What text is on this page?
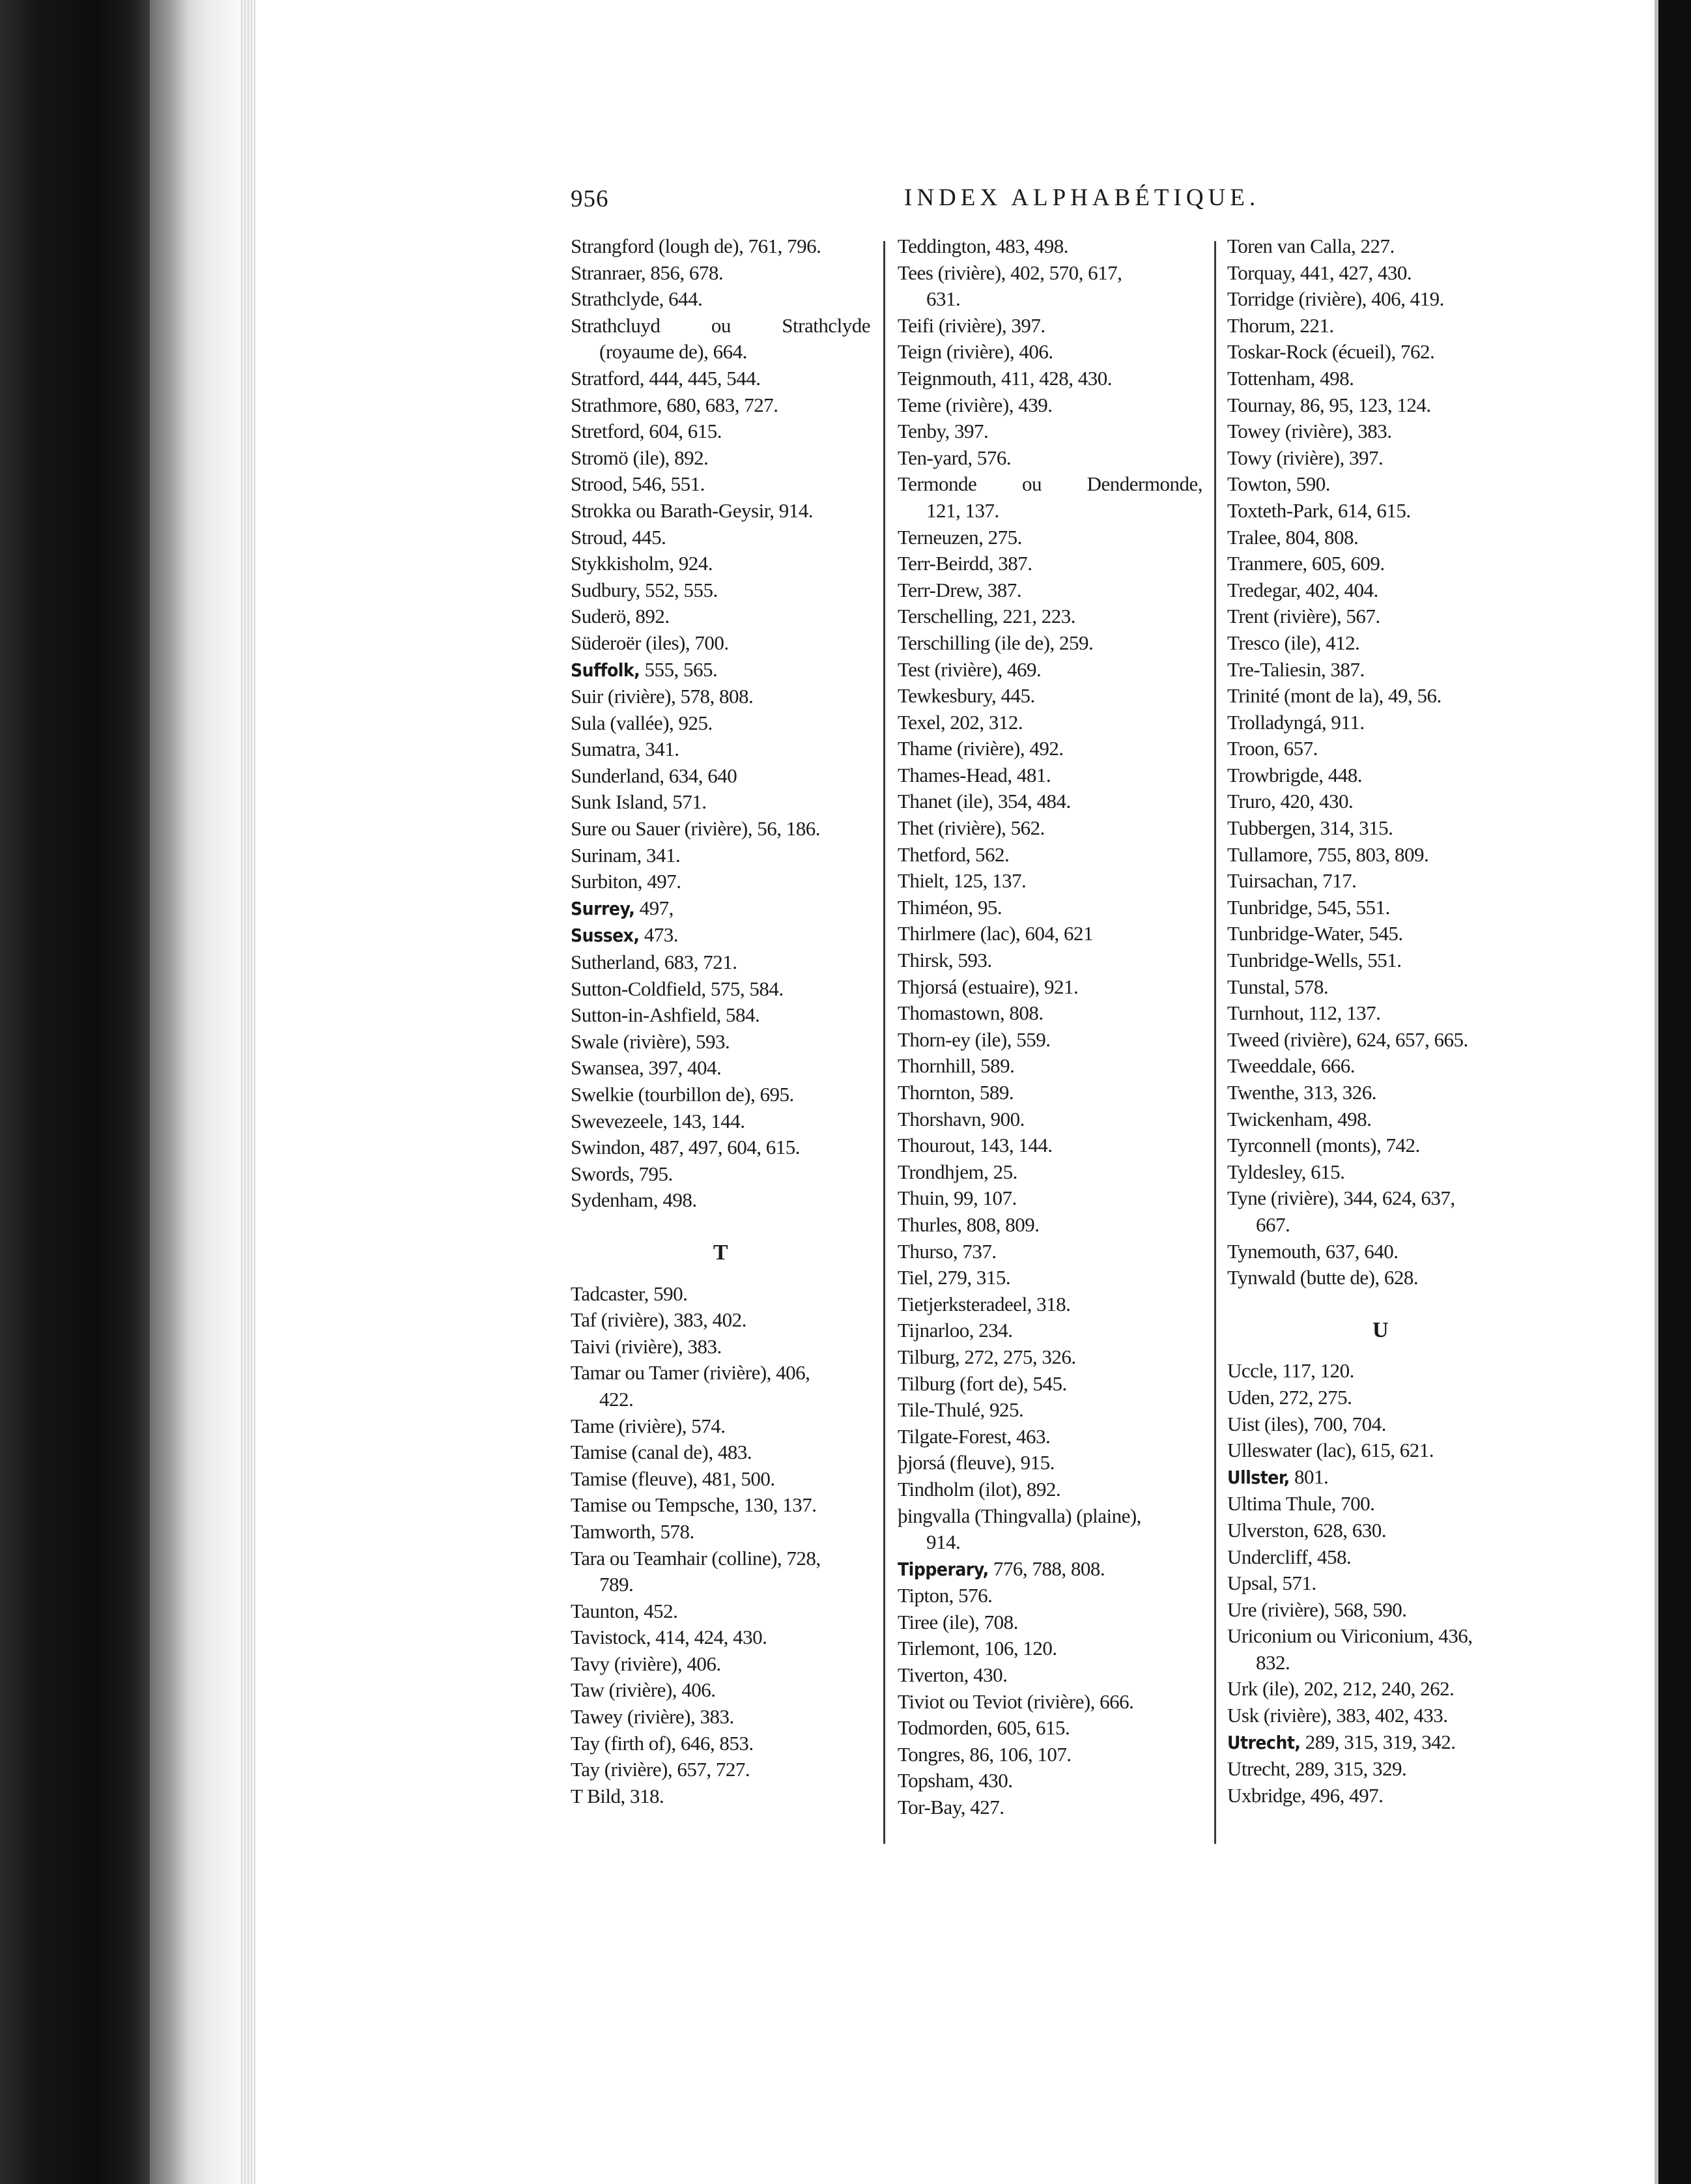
956	INDEX ALPHABÉTIQUE.
Strangford (lough de), 761, 796.
Stranraer, 856, 678.
Strathclyde, 644.
Strathcluyd	ou	Strathclyde
(royaume de), 664.
Stratford, 444, 445, 544.
Strathmore, 680, 683, 727.
Stretford, 604, 615.
Stromö (ile), 892.
Strood, 546, 551.
Strokka ou Barath-Geysir, 914.
Stroud, 445.
Stykkisholm, 924.
Sudbury, 552, 555.
Suderö, 892.
Süderoër (iles), 700.
Suffolk, 555, 565.
Suir (rivière), 578, 808.
Sula (vallée), 925.
Sumatra, 341.
Sunderland, 634, 640
Sunk Island, 571.
Sure ou Sauer (rivière), 56, 186.
Surinam, 341.
Surbiton, 497.
Surrey, 497,
Sussex, 473.
Sutherland, 683, 721.
Sutton-Coldfield, 575, 584.
Sutton-in-Ashfield, 584.
Swale (rivière), 593.
Swansea, 397, 404.
Swelkie (tourbillon de), 695.
Swevezeele, 143, 144.
Swindon, 487, 497, 604, 615.
Swords, 795.
Sydenham, 498.
T
Tadcaster, 590.
Taf (rivière), 383, 402.
Taivi (rivière), 383.
Tamar ou Tamer (rivière), 406,
422.
Tame (rivière), 574.
Tamise (canal de), 483.
Tamise (fleuve), 481, 500.
Tamise ou Tempsche, 130, 137.
Tamworth, 578.
Tara ou Teamhair (colline), 728,
789.
Taunton, 452.
Tavistock, 414, 424, 430.
Tavy (rivière), 406.
Taw (rivière), 406.
Tawey (rivière), 383.
Tay (firth of), 646, 853.
Tay (rivière), 657, 727.
T Bild, 318.
Teddington, 483, 498.
Tees (rivière), 402, 570, 617,
631.
Teifi (rivière), 397.
Teign (rivière), 406.
Teignmouth, 411, 428, 430.
Teme (rivière), 439.
Tenby, 397.
Ten-yard, 576.
Termonde ou Dendermonde,
121, 137.
Terneuzen, 275.
Terr-Beirdd, 387.
Terr-Drew, 387.
Terschelling, 221, 223.
Terschilling (ile de), 259.
Test (rivière), 469.
Tewkesbury, 445.
Texel, 202, 312.
Thame (rivière), 492.
Thames-Head, 481.
Thanet (ile), 354, 484.
Thet (rivière), 562.
Thetford, 562.
Thielt, 125, 137.
Thiméon, 95.
Thirlmere (lac), 604, 621
Thirsk, 593.
Thjorsá (estuaire), 921.
Thomastown, 808.
Thorn-ey (ile), 559.
Thornhill, 589.
Thornton, 589.
Thorshavn, 900.
Thourout, 143, 144.
Trondhjem, 25.
Thuin, 99, 107.
Thurles, 808, 809.
Thurso, 737.
Tiel, 279, 315.
Tietjerksteradeel, 318.
Tijnarloo, 234.
Tilburg, 272, 275, 326.
Tilburg (fort de), 545.
Tile-Thulé, 925.
Tilgate-Forest, 463.
þjorsá (fleuve), 915.
Tindholm (ilot), 892.
þingvalla (Thingvalla) (plaine),
914.
Tipperary, 776, 788, 808.
Tipton, 576.
Tiree (ile), 708.
Tirlemont, 106, 120.
Tiverton, 430.
Tiviot ou Teviot (rivière), 666.
Todmorden, 605, 615.
Tongres, 86, 106, 107.
Topsham, 430.
Tor-Bay, 427.
Toren van Calla, 227.
Torquay, 441, 427, 430.
Torridge (rivière), 406, 419.
Thorum, 221.
Toskar-Rock (écueil), 762.
Tottenham, 498.
Tournay, 86, 95, 123, 124.
Towey (rivière), 383.
Towy (rivière), 397.
Towton, 590.
Toxteth-Park, 614, 615.
Tralee, 804, 808.
Tranmere, 605, 609.
Tredegar, 402, 404.
Trent (rivière), 567.
Tresco (ile), 412.
Tre-Taliesin, 387.
Trinité (mont de la), 49, 56.
Trolladyngá, 911.
Troon, 657.
Trowbrigde, 448.
Truro, 420, 430.
Tubbergen, 314, 315.
Tullamore, 755, 803, 809.
Tuirsachan, 717.
Tunbridge, 545, 551.
Tunbridge-Water, 545.
Tunbridge-Wells, 551.
Tunstal, 578.
Turnhout, 112, 137.
Tweed (rivière), 624, 657, 665.
Tweeddale, 666.
Twenthe, 313, 326.
Twickenham, 498.
Tyrconnell (monts), 742.
Tyldesley, 615.
Tyne (rivière), 344, 624, 637,
667.
Tynemouth, 637, 640.
Tynwald (butte de), 628.
U
Uccle, 117, 120.
Uden, 272, 275.
Uist (iles), 700, 704.
Ulleswater (lac), 615, 621.
Ullster, 801.
Ultima Thule, 700.
Ulverston, 628, 630.
Undercliff, 458.
Upsal, 571.
Ure (rivière), 568, 590.
Uriconium ou Viriconium, 436,
832.
Urk (ile), 202, 212, 240, 262.
Usk (rivière), 383, 402, 433.
Utrecht, 289, 315, 319, 342.
Utrecht, 289, 315, 329.
Uxbridge, 496, 497.
